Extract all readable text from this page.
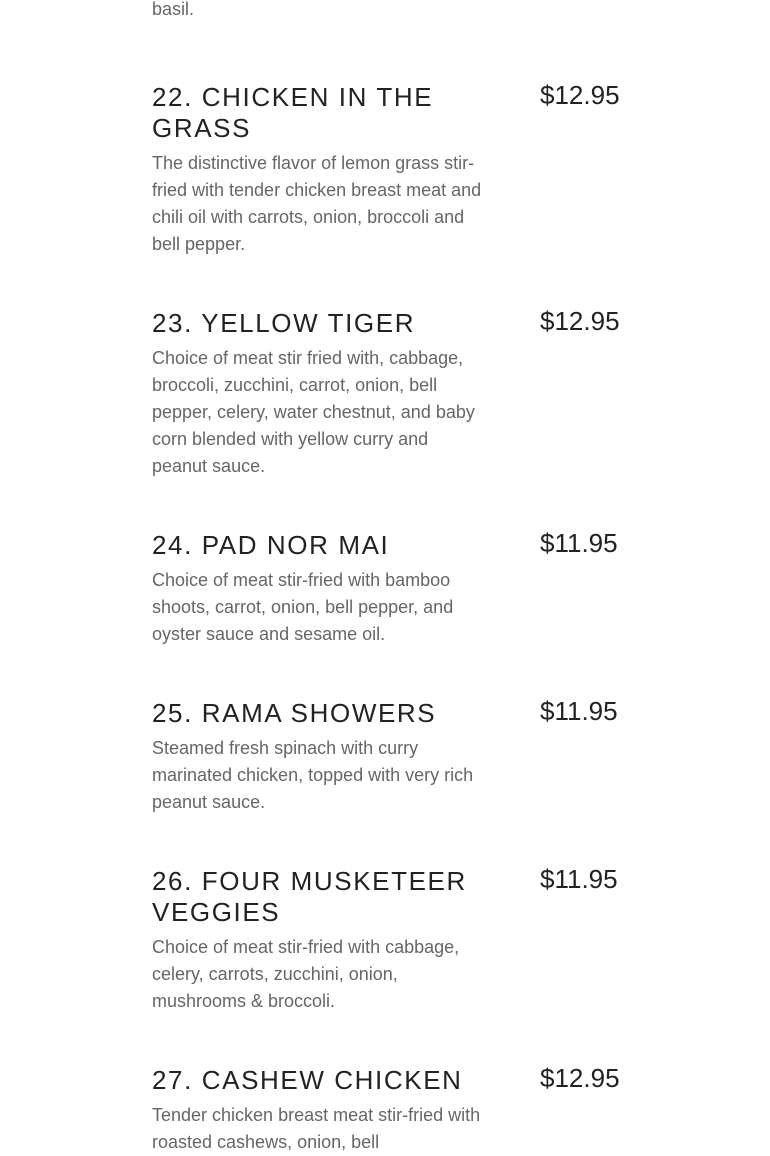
basil.

22. CHICKEN IN THE GRASS

The distinctive flavor of lemon grass stir-fried with tender chicken breast meat and chili oil with carrots, onion, broccoli and bell pepper.

$12.95
23. YELLOW TIGER

Choice of meat stir fried with, cabbage, broccoli, zucchini, carrot, onion, bell pepper, celery, water chestnut, and baby corn blended with yellow curry and peanut sauce.

$12.95
24. PAD NOR MAI

Choice of meat stir-fried with bamboo shoots, carrot, onion, bell pepper, and oyster sauce and sesame oil.

$11.95
25. RAMA SHOWERS

Steamed fresh spinach with curry marinated chicken, topped with very rich peanut sauce.

$11.95
26. FOUR MUSKETEER VEGGIES

Choice of meat stir-fried with cabbage, celery, carrots, zucchini, onion, mushrooms & broccoli.

$11.95
27. CASHEW CHICKEN

Tender chicken breast meat stir-fried with roasted cashews, onion, bell

$12.95
